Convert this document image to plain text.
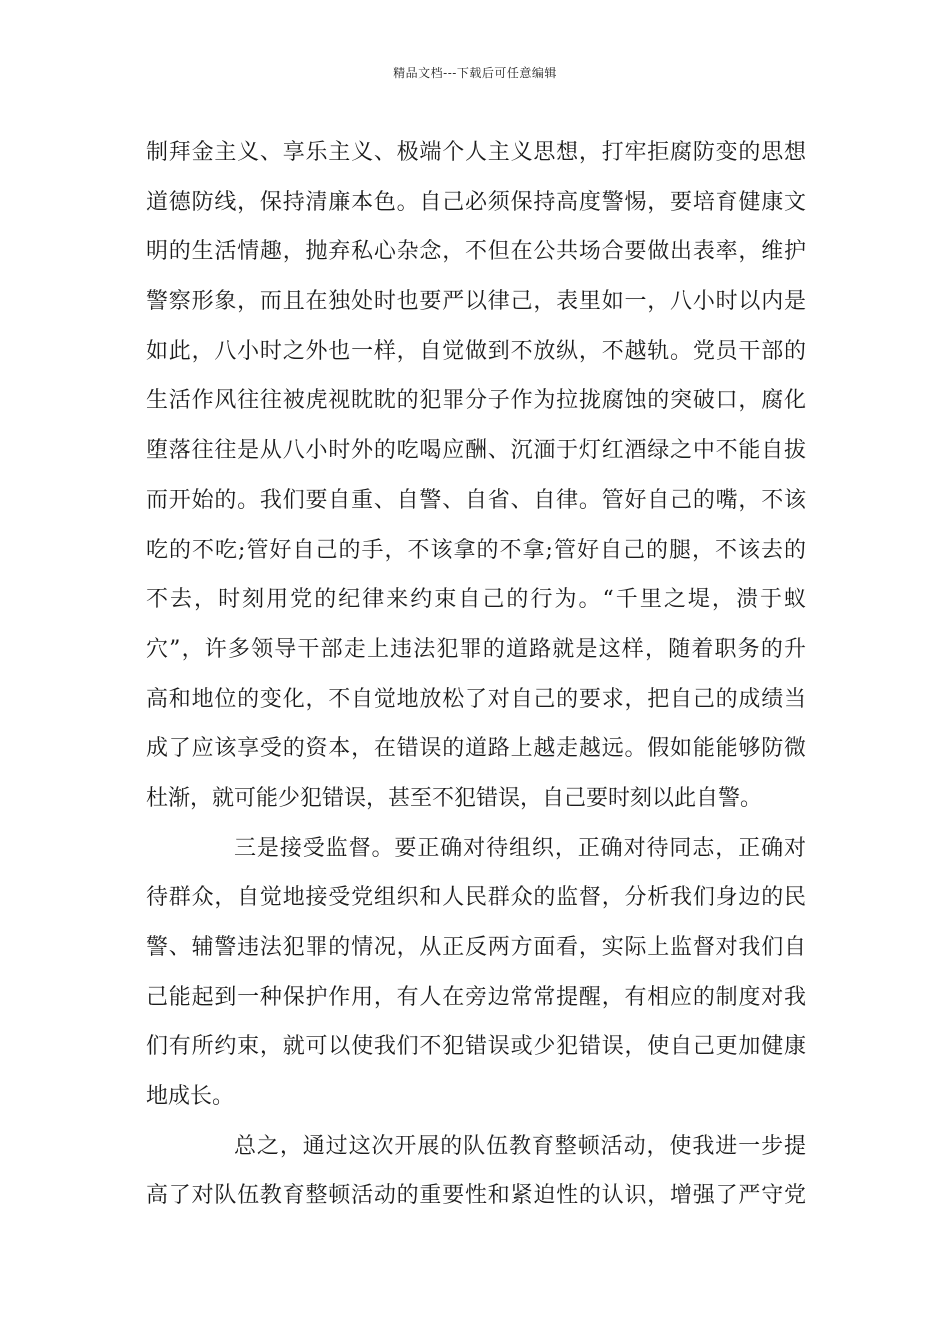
精品文档---下载后可任意编辑
制拜金主义、享乐主义、极端个人主义思想，打牢拒腐防变的思想
道德防线，保持清廉本色。自己必须保持高度警惕，要培育健康文
明的生活情趣，抛弃私心杂念，不但在公共场合要做出表率，维护
警察形象，而且在独处时也要严以律己，表里如一，八小时以内是
如此，八小时之外也一样，自觉做到不放纵，不越轨。党员干部的
生活作风往往被虎视眈眈的犯罪分子作为拉拢腐蚀的突破口，腐化
堕落往往是从八小时外的吃喝应酬、沉湎于灯红酒绿之中不能自拔
而开始的。我们要自重、自警、自省、自律。管好自己的嘴，不该
吃的不吃;管好自己的手，不该拿的不拿;管好自己的腿，不该去的
不去，时刻用党的纪律来约束自己的行为。“千里之堤，溃于蚁
穴”，许多领导干部走上违法犯罪的道路就是这样，随着职务的升
高和地位的变化，不自觉地放松了对自己的要求，把自己的成绩当
成了应该享受的资本，在错误的道路上越走越远。假如能能够防微
杜渐，就可能少犯错误，甚至不犯错误，自己要时刻以此自警。
三是接受监督。要正确对待组织，正确对待同志，正确对
待群众，自觉地接受党组织和人民群众的监督，分析我们身边的民
警、辅警违法犯罪的情况，从正反两方面看，实际上监督对我们自
己能起到一种保护作用，有人在旁边常常提醒，有相应的制度对我
们有所约束，就可以使我们不犯错误或少犯错误，使自己更加健康
地成长。
总之，通过这次开展的队伍教育整顿活动，使我进一步提
高了对队伍教育整顿活动的重要性和紧迫性的认识，增强了严守党
